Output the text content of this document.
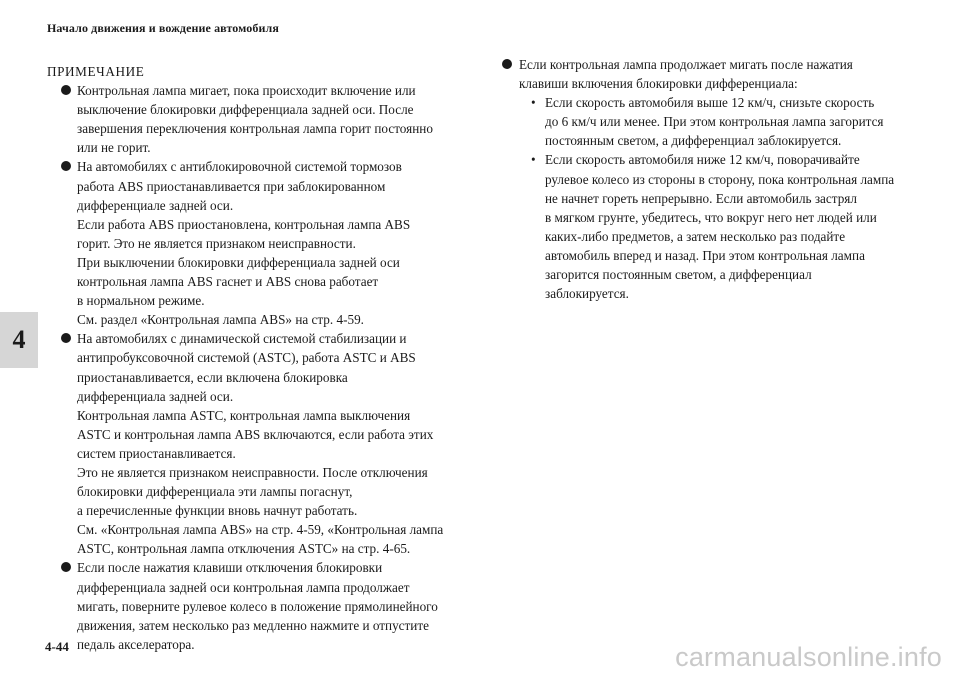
Начало движения и вождение автомобиля
4
ПРИМЕЧАНИЕ
Контрольная лампа мигает, пока происходит включение или
выключение блокировки дифференциала задней оси. После
завершения переключения контрольная лампа горит постоянно
или не горит.
На автомобилях с антиблокировочной системой тормозов
работа ABS приостанавливается при заблокированном
дифференциале задней оси.
Если работа ABS приостановлена, контрольная лампа ABS
горит. Это не является признаком неисправности.
При выключении блокировки дифференциала задней оси
контрольная лампа ABS гаснет и ABS снова работает
в нормальном режиме.
См. раздел «Контрольная лампа ABS» на стр. 4-59.
На автомобилях с динамической системой стабилизации и
антипробуксовочной системой (ASTC), работа ASTC и ABS
приостанавливается, если включена блокировка
дифференциала задней оси.
Контрольная лампа ASTC, контрольная лампа выключения
ASTC и контрольная лампа ABS включаются, если работа этих
систем приостанавливается.
Это не является признаком неисправности. После отключения
блокировки дифференциала эти лампы погаснут,
а перечисленные функции вновь начнут работать.
См. «Контрольная лампа ABS» на стр. 4-59, «Контрольная лампа
ASTC, контрольная лампа отключения ASTC» на стр. 4-65.
Если после нажатия клавиши отключения блокировки
дифференциала задней оси контрольная лампа продолжает
мигать, поверните рулевое колесо в положение прямолинейного
движения, затем несколько раз медленно нажмите и отпустите
педаль акселератора.
Если контрольная лампа продолжает мигать после нажатия
клавиши включения блокировки дифференциала:
• Если скорость автомобиля выше 12 км/ч, снизьте скорость
до 6 км/ч или менее. При этом контрольная лампа загорится
постоянным светом, а дифференциал заблокируется.
• Если скорость автомобиля ниже 12 км/ч, поворачивайте
рулевое колесо из стороны в сторону, пока контрольная лампа
не начнет гореть непрерывно. Если автомобиль застрял
в мягком грунте, убедитесь, что вокруг него нет людей или
каких-либо предметов, а затем несколько раз подайте
автомобиль вперед и назад. При этом контрольная лампа
загорится постоянным светом, а дифференциал
заблокируется.
4-44	carmanualsonline.info
